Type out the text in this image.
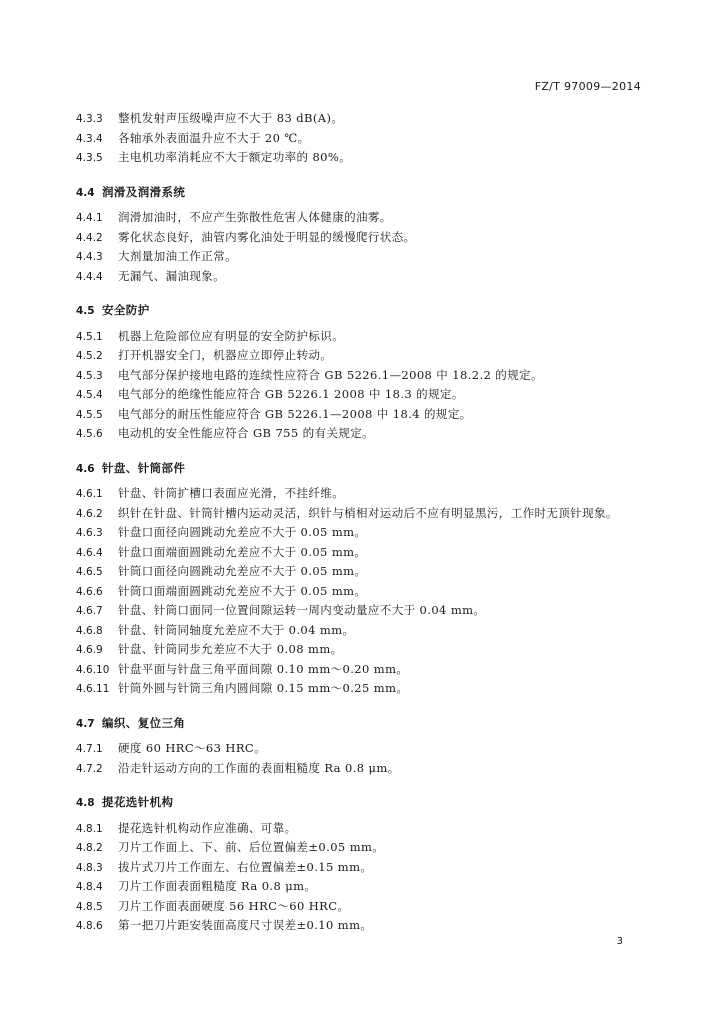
FZ/T 97009—2014
4.3.3	整机发射声压级噪声应不大于 83 dB(A)。
4.3.4	各轴承外表面温升应不大于 20 ℃。
4.3.5	主电机功率消耗应不大于额定功率的 80%。
4.4 润滑及润滑系统
4.4.1	润滑加油时，不应产生弥散性危害人体健康的油雾。
4.4.2	雾化状态良好，油管内雾化油处于明显的缓慢爬行状态。
4.4.3	大剂量加油工作正常。
4.4.4	无漏气、漏油现象。
4.5 安全防护
4.5.1	机器上危险部位应有明显的安全防护标识。
4.5.2	打开机器安全门，机器应立即停止转动。
4.5.3	电气部分保护接地电路的连续性应符合 GB 5226.1—2008 中 18.2.2 的规定。
4.5.4	电气部分的绝缘性能应符合 GB 5226.1 2008 中 18.3 的规定。
4.5.5	电气部分的耐压性能应符合 GB 5226.1—2008 中 18.4 的规定。
4.5.6	电动机的安全性能应符合 GB 755 的有关规定。
4.6 针盘、针筒部件
4.6.1	针盘、针筒扩槽口表面应光滑，不挂纤维。
4.6.2	织针在针盘、针筒针槽内运动灵活，织针与梢相对运动后不应有明显黑污，工作时无顶针现象。
4.6.3	针盘口面径向圆跳动允差应不大于 0.05 mm。
4.6.4	针盘口面端面圆跳动允差应不大于 0.05 mm。
4.6.5	针筒口面径向圆跳动允差应不大于 0.05 mm。
4.6.6	针筒口面端面圆跳动允差应不大于 0.05 mm。
4.6.7	针盘、针筒口面同一位置间隙运转一周内变动量应不大于 0.04 mm。
4.6.8	针盘、针筒同轴度允差应不大于 0.04 mm。
4.6.9	针盘、针筒同步允差应不大于 0.08 mm。
4.6.10 针盘平面与针盘三角平面间隙 0.10 mm～0.20 mm。
4.6.11 针筒外圆与针筒三角内圆间隙 0.15 mm～0.25 mm。
4.7 编织、复位三角
4.7.1	硬度 60 HRC～63 HRC。
4.7.2	沿走针运动方向的工作面的表面粗糙度 Ra 0.8 μm。
4.8 提花选针机构
4.8.1	提花选针机构动作应准确、可靠。
4.8.2	刀片工作面上、下、前、后位置偏差±0.05 mm。
4.8.3	拔片式刀片工作面左、右位置偏差±0.15 mm。
4.8.4	刀片工作面表面粗糙度 Ra 0.8 μm。
4.8.5	刀片工作面表面硬度 56 HRC～60 HRC。
4.8.6	第一把刀片距安装面高度尺寸误差±0.10 mm。
3
